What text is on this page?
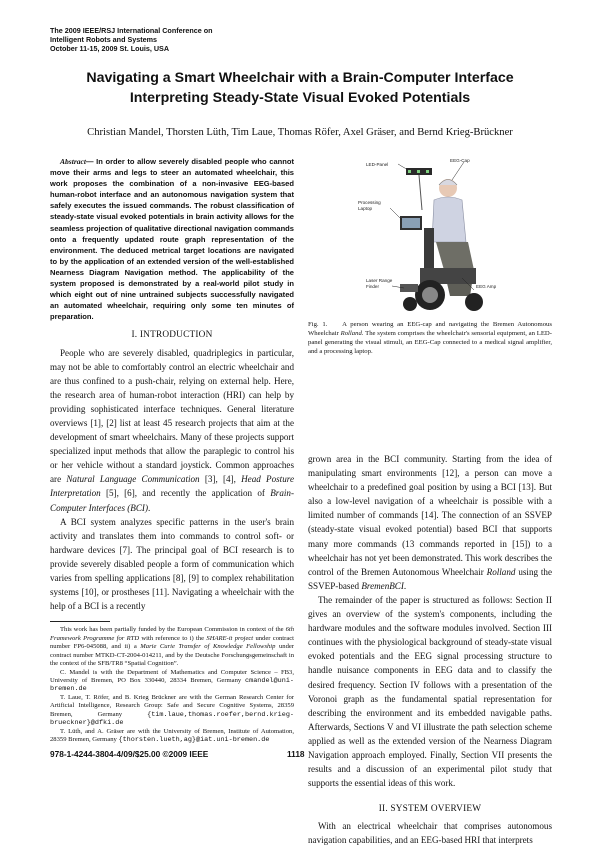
The 2009 IEEE/RSJ International Conference on
Intelligent Robots and Systems
October 11-15, 2009 St. Louis, USA
Navigating a Smart Wheelchair with a Brain-Computer Interface
Interpreting Steady-State Visual Evoked Potentials
Christian Mandel, Thorsten Lüth, Tim Laue, Thomas Röfer, Axel Gräser, and Bernd Krieg-Brückner
Abstract— In order to allow severely disabled people who cannot move their arms and legs to steer an automated wheelchair, this work proposes the combination of a non-invasive EEG-based human-robot interface and an autonomous navigation system that safely executes the issued commands. The robust classification of steady-state visual evoked potentials in brain activity allows for the seamless projection of qualitative directional navigation commands onto a frequently updated route graph representation of the environment. The deduced metrical target locations are navigated to by the application of an extended version of the well-established Nearness Diagram Navigation method. The applicability of the system proposed is demonstrated by a real-world pilot study in which eight out of nine untrained subjects successfully navigated an automated wheelchair, requiring only some ten minutes of preparation.
I. INTRODUCTION

People who are severely disabled, quadriplegics in particular, may not be able to comfortably control an electric wheelchair and are thus confined to a push-chair, relying on external help. Here, the research area of human-robot interaction (HRI) can help by providing sophisticated interface techniques. General literature overviews [1], [2] list at least 45 research projects that aim at the development of smart wheelchairs. Many of these projects support specialized input methods that allow the paraplegic to control his or her vehicle without a standard joystick. Common approaches are Natural Language Communication [3], [4], Head Posture Interpretation [5], [6], and recently the application of Brain-Computer Interfaces (BCI).

A BCI system analyzes specific patterns in the user's brain activity and translates them into commands to control soft- or hardware devices [7]. The principal goal of BCI research is to provide severely disabled people a form of communication which varies from spelling applications [8], [9] to complex rehabilitation systems [10], or prostheses [11]. Navigating a wheelchair with the help of a BCI is a recently

This work has been partially funded by the European Commission in context of the 6th Framework Programme for RTD with reference to i) the SHARE-it project under contract number FP6-045088, and ii) a Marie Curie Transfer of Knowledge Fellowship under contract number MTKD-CT-2004-014211, and by the Deutsche Forschungsgemeinschaft in the context of the SFB/TR8 “Spatial Cognition”.

C. Mandel is with the Department of Mathematics and Computer Science – FB3, University of Bremen, PO Box 330440, 28334 Bremen, Germany cmandel@uni-bremen.de

T. Laue, T. Röfer, and B. Krieg Brückner are with the German Research Center for Artificial Intelligence, Research Group: Safe and Secure Cognitive Systems, 28359 Bremen, Germany	{tim.laue,thomas.roefer,bernd.krieg-brueckner}@dfki.de

T. Lüth, and A. Gräser are with the University of Bremen, Institute of Automation, 28359 Bremen, Germany {thorsten.lueth,ag}@iat.uni-bremen.de

EEG-Cap
LED-Panel
Processing Laptop
Laser Range Finder	EEG Amp
Fig. 1. A person wearing an EEG-cap and navigating the Bremen Autonomous Wheelchair Rolland. The system comprises the wheelchair's sensorial equipment, an LED-panel generating the visual stimuli, an EEG-Cap connected to a medical signal amplifier, and a processing laptop.

grown area in the BCI community. Starting from the idea of manipulating smart environments [12], a person can move a wheelchair to a predefined goal position by using a BCI [13]. But also a low-level navigation of a wheelchair is possible with a limited number of commands [14]. The connection of an SSVEP (steady-state visual evoked potential) based BCI that supports many more commands (13 commands reported in [15]) to a wheelchair has not yet been demonstrated. This work describes the control of the Bremen Autonomous Wheelchair Rolland using the SSVEP-based BremenBCI.

The remainder of the paper is structured as follows: Section II gives an overview of the system's components, including the hardware modules and the software modules involved. Section III continues with the physiological background of steady-state visual evoked potentials and the EEG signal processing structure to handle nuisance components in EEG data and to classify the desired frequency. Section IV follows with a presentation of the Voronoi graph as the fundamental spatial representation for describing the environment and its embedded navigable paths. Afterwards, Sections V and VI illustrate the path selection scheme applied as well as the extended version of the Nearness Diagram Navigation approach employed. Finally, Section VII presents the results and a discussion of an experimental pilot study that supports the essential ideas of this work.

II. SYSTEM OVERVIEW

With an electrical wheelchair that comprises autonomous navigation capabilities, and an EEG-based HRI that interprets

978-1-4244-3804-4/09/$25.00 ©2009 IEEE	1118
